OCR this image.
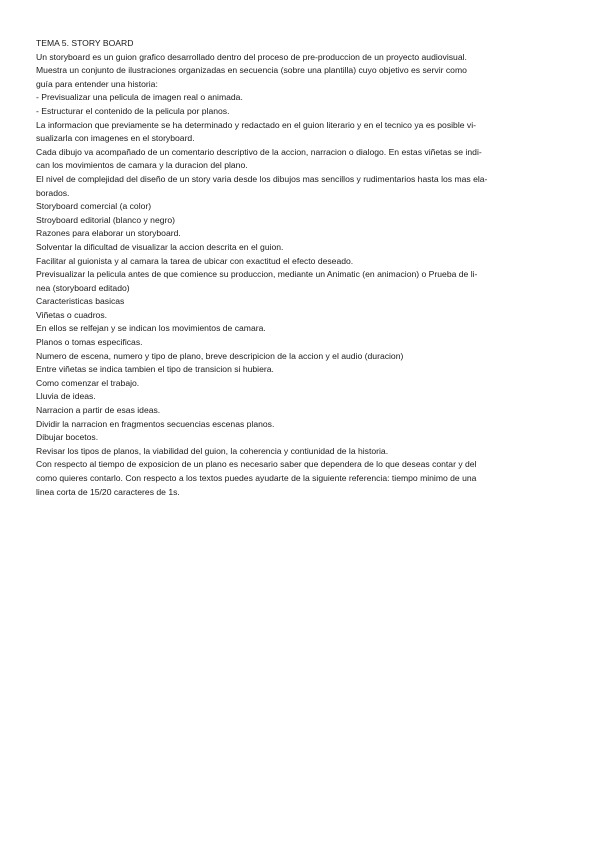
TEMA 5. STORY BOARD
Un storyboard es un guion grafico desarrollado dentro del proceso de pre-produccion de un proyecto audiovisual.
Muestra un conjunto de ilustraciones organizadas en secuencia (sobre una plantilla) cuyo objetivo es servir como
guía para entender una historia:
- Previsualizar una pelicula de imagen real o animada.
- Estructurar el contenido de la pelicula por planos.
La informacion que previamente se ha determinado y redactado en el guion literario y en el tecnico ya es posible vi-
sualizarla con imagenes en el storyboard.
Cada dibujo va acompañado de un comentario descriptivo de la accion, narracion o dialogo. En estas viñetas se indi-
can los movimientos de camara y la duracion del plano.
El nivel de complejidad del diseño de un story varia desde los dibujos mas sencillos y rudimentarios hasta los mas ela-
borados.
Storyboard comercial (a color)
Stroyboard editorial (blanco y negro)
Razones para elaborar un storyboard.
Solventar la dificultad de visualizar la accion descrita en el guion.
Facilitar al guionista y al camara la tarea de ubicar con exactitud el efecto deseado.
Previsualizar la pelicula antes de que comience su produccion, mediante un Animatic (en animacion) o Prueba de li-
nea (storyboard editado)
Caracteristicas basicas
Viñetas o cuadros.
En ellos se relfejan y se indican los movimientos de camara.
Planos o tomas especificas.
Numero de escena, numero y tipo de plano, breve descripicion de la accion y el audio (duracion)
Entre viñetas se indica tambien el tipo de transicion si hubiera.
Como comenzar el trabajo.
Lluvia de ideas.
Narracion a partir de esas ideas.
Dividir la narracion en fragmentos secuencias escenas planos.
Dibujar bocetos.
Revisar los tipos de planos, la viabilidad del guion, la coherencia y contiunidad de la historia.
Con respecto al tiempo de exposicion de un plano es necesario saber que dependera de lo que deseas contar y del
como quieres contarlo. Con respecto a los textos puedes ayudarte de la siguiente referencia: tiempo minimo de una
linea corta de 15/20 caracteres de 1s.
